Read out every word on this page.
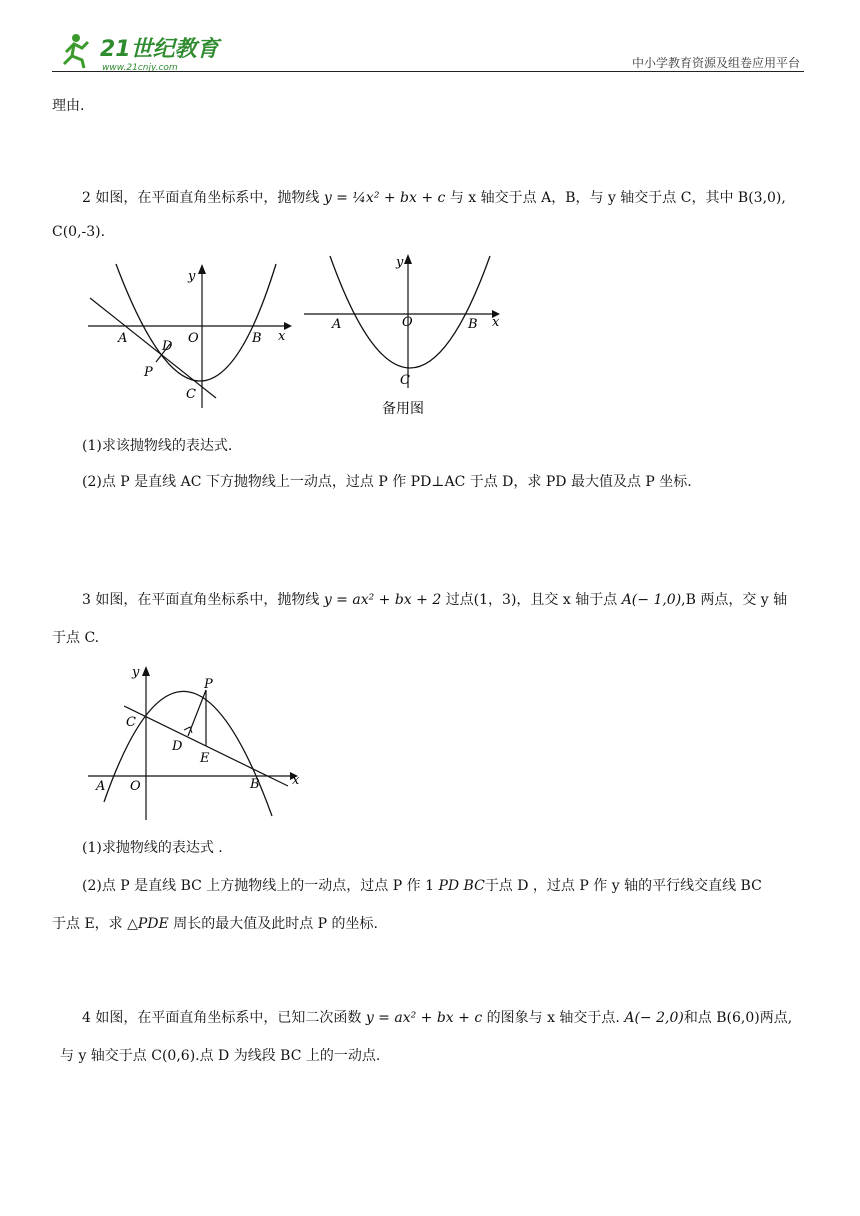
21世纪教育
www.21cnjy.com	中小学教育资源及组卷应用平台
理由.
2 如图，在平面直角坐标系中，抛物线 y = ¼x² + bx + c 与 x 轴交于点 A，B，与 y 轴交于点 C，其中 B(3,0),
C(0,-3).
y
x
A	O	B
C
D
P
y
x
A	O	B
C
备用图
(1)求该抛物线的表达式.
(2)点 P 是直线 AC 下方抛物线上一动点，过点 P 作 PD⊥AC 于点 D，求 PD 最大值及点 P 坐标.
3 如图，在平面直角坐标系中，抛物线 y = ax² + bx + 2 过点(1，3)，且交 x 轴于点 A(− 1,0),B 两点，交 y 轴
于点 C.
y
x
A O	B
C
D
E
P
(1)求抛物线的表达式 .
(2)点 P 是直线 BC 上方抛物线上的一动点，过点 P 作 1 PD BC于点 D ，过点 P 作 y 轴的平行线交直线 BC
于点 E，求 △PDE 周长的最大值及此时点 P 的坐标.
4 如图，在平面直角坐标系中，已知二次函数 y = ax² + bx + c 的图象与 x 轴交于点. A(− 2,0)和点 B(6,0)两点,
与 y 轴交于点 C(0,6).点 D 为线段 BC 上的一动点.
